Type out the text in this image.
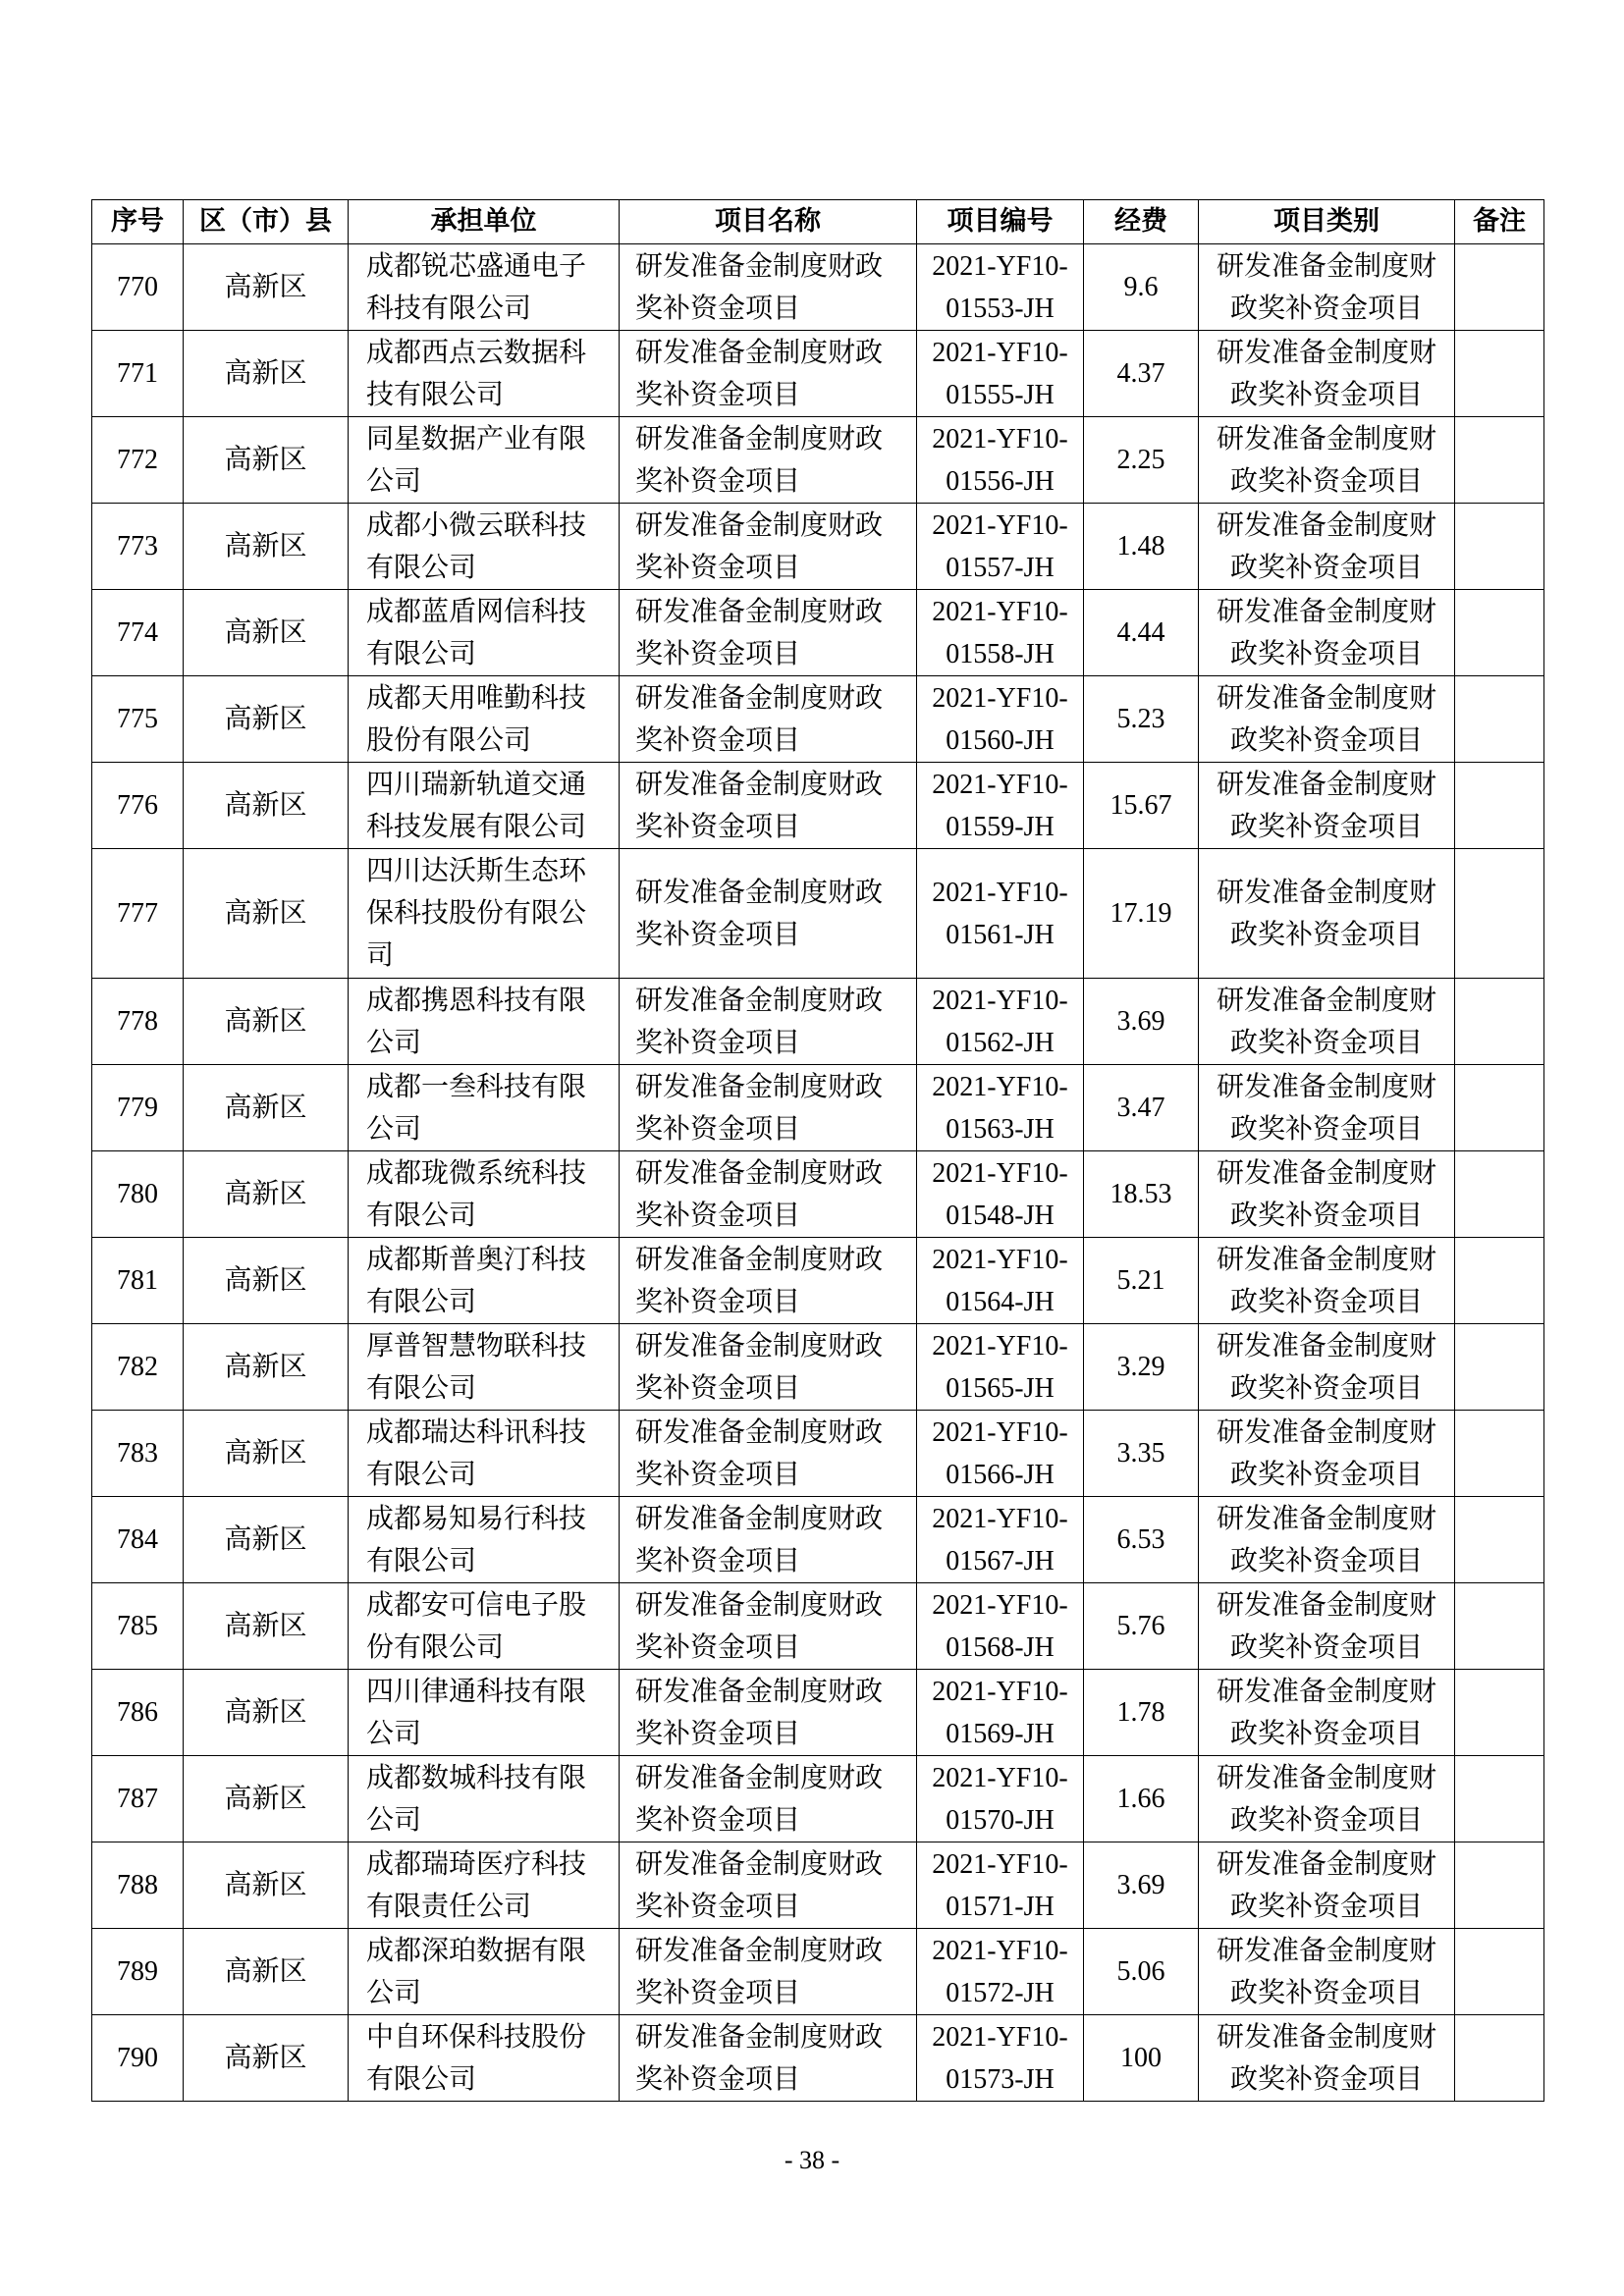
序号	区（市）县	承担单位	项目名称	项目编号	经费	项目类别	备注
770	高新区	成都锐芯盛通电子
科技有限公司	研发准备金制度财政
奖补资金项目	2021-YF10-
01553-JH	9.6	研发准备金制度财
政奖补资金项目	

771	高新区	成都西点云数据科
技有限公司	研发准备金制度财政
奖补资金项目	2021-YF10-
01555-JH	4.37	研发准备金制度财
政奖补资金项目	

772	高新区	同星数据产业有限
公司	研发准备金制度财政
奖补资金项目	2021-YF10-
01556-JH	2.25	研发准备金制度财
政奖补资金项目	

773	高新区	成都小微云联科技
有限公司	研发准备金制度财政
奖补资金项目	2021-YF10-
01557-JH	1.48	研发准备金制度财
政奖补资金项目	

774	高新区	成都蓝盾网信科技
有限公司	研发准备金制度财政
奖补资金项目	2021-YF10-
01558-JH	4.44	研发准备金制度财
政奖补资金项目	

775	高新区	成都天用唯勤科技
股份有限公司	研发准备金制度财政
奖补资金项目	2021-YF10-
01560-JH	5.23	研发准备金制度财
政奖补资金项目	

776	高新区	四川瑞新轨道交通
科技发展有限公司	研发准备金制度财政
奖补资金项目	2021-YF10-
01559-JH	15.67	研发准备金制度财
政奖补资金项目	

777	高新区	四川达沃斯生态环
保科技股份有限公
司	研发准备金制度财政
奖补资金项目	2021-YF10-
01561-JH	17.19	研发准备金制度财
政奖补资金项目	

778	高新区	成都携恩科技有限
公司	研发准备金制度财政
奖补资金项目	2021-YF10-
01562-JH	3.69	研发准备金制度财
政奖补资金项目	

779	高新区	成都一叁科技有限
公司	研发准备金制度财政
奖补资金项目	2021-YF10-
01563-JH	3.47	研发准备金制度财
政奖补资金项目	

780	高新区	成都珑微系统科技
有限公司	研发准备金制度财政
奖补资金项目	2021-YF10-
01548-JH	18.53	研发准备金制度财
政奖补资金项目	

781	高新区	成都斯普奥汀科技
有限公司	研发准备金制度财政
奖补资金项目	2021-YF10-
01564-JH	5.21	研发准备金制度财
政奖补资金项目	

782	高新区	厚普智慧物联科技
有限公司	研发准备金制度财政
奖补资金项目	2021-YF10-
01565-JH	3.29	研发准备金制度财
政奖补资金项目	

783	高新区	成都瑞达科讯科技
有限公司	研发准备金制度财政
奖补资金项目	2021-YF10-
01566-JH	3.35	研发准备金制度财
政奖补资金项目	

784	高新区	成都易知易行科技
有限公司	研发准备金制度财政
奖补资金项目	2021-YF10-
01567-JH	6.53	研发准备金制度财
政奖补资金项目	

785	高新区	成都安可信电子股
份有限公司	研发准备金制度财政
奖补资金项目	2021-YF10-
01568-JH	5.76	研发准备金制度财
政奖补资金项目	

786	高新区	四川律通科技有限
公司	研发准备金制度财政
奖补资金项目	2021-YF10-
01569-JH	1.78	研发准备金制度财
政奖补资金项目	

787	高新区	成都数城科技有限
公司	研发准备金制度财政
奖补资金项目	2021-YF10-
01570-JH	1.66	研发准备金制度财
政奖补资金项目	

788	高新区	成都瑞琦医疗科技
有限责任公司	研发准备金制度财政
奖补资金项目	2021-YF10-
01571-JH	3.69	研发准备金制度财
政奖补资金项目	

789	高新区	成都深珀数据有限
公司	研发准备金制度财政
奖补资金项目	2021-YF10-
01572-JH	5.06	研发准备金制度财
政奖补资金项目	

790	高新区	中自环保科技股份
有限公司	研发准备金制度财政
奖补资金项目	2021-YF10-
01573-JH	100	研发准备金制度财
政奖补资金项目	

- 38 -
